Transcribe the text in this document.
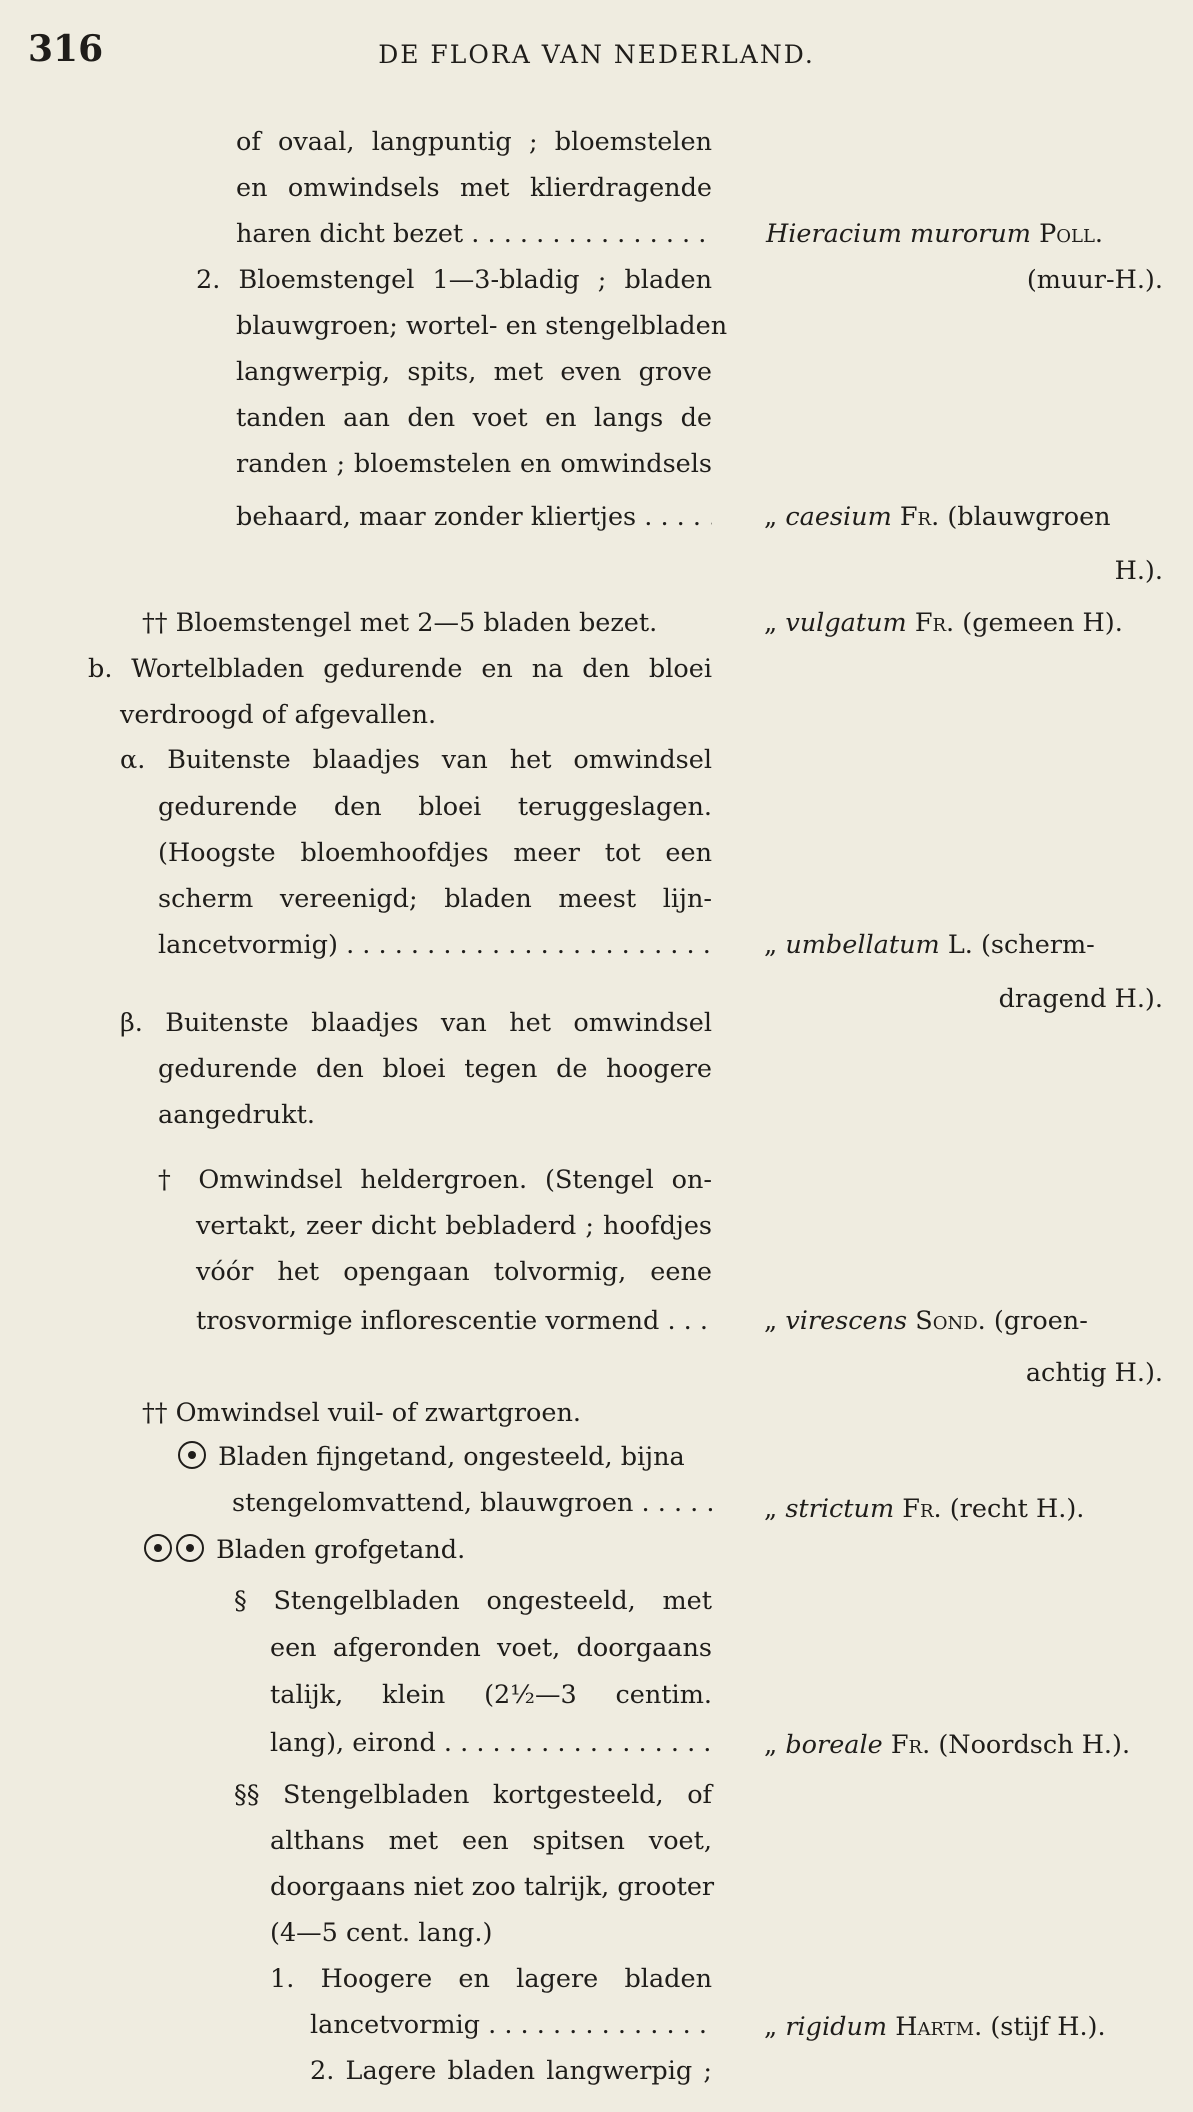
316	DE FLORA VAN NEDERLAND.
of ovaal, langpuntig ; bloemstelen
en omwindsels met klierdragende
haren dicht bezet . . .
2. Bloemstengel 1—3-bladig ; bladen
blauwgroen; wortel- en stengelbladen
langwerpig, spits, met even grove
tanden aan den voet en langs de
randen ; bloemstelen en omwindsels
behaard, maar zonder kliertjes . . .
†† Bloemstengel met 2—5 bladen bezet.
b. Wortelbladen gedurende en na den bloei
verdroogd of afgevallen.
α. Buitenste blaadjes van het omwindsel
gedurende den bloei teruggeslagen.
(Hoogste bloemhoofdjes meer tot een
scherm vereenigd; bladen meest lijn-
lancetvormig) . . .
β. Buitenste blaadjes van het omwindsel
gedurende den bloei tegen de hoogere
aangedrukt.
† Omwindsel heldergroen. (Stengel on-
vertakt, zeer dicht bebladerd ; hoofdjes
vóór het opengaan tolvormig, eene
trosvormige inflorescentie vormend . . .
†† Omwindsel vuil- of zwartgroen.
Bladen fijngetand, ongesteeld, bijna
stengelomvattend, blauwgroen . . .
Bladen grofgetand.
§ Stengelbladen ongesteeld, met
een afgeronden voet, doorgaans
talijk, klein (2½—3 centim.
lang), eirond . . .
§§ Stengelbladen kortgesteeld, of
althans met een spitsen voet,
doorgaans niet zoo talrijk, grooter
(4—5 cent. lang.)
1. Hoogere en lagere bladen
lancetvormig . . .
2. Lagere bladen langwerpig ;
Hieracium murorum Poll.
(muur-H.).
„ caesium Fr. (blauwgroen
H.).
„ vulgatum Fr. (gemeen H).
„ umbellatum L. (scherm-
dragend H.).
„ virescens Sond. (groen-
achtig H.).
„ strictum Fr. (recht H.).
„ boreale Fr. (Noordsch H.).
„ rigidum Hartm. (stijf H.).
